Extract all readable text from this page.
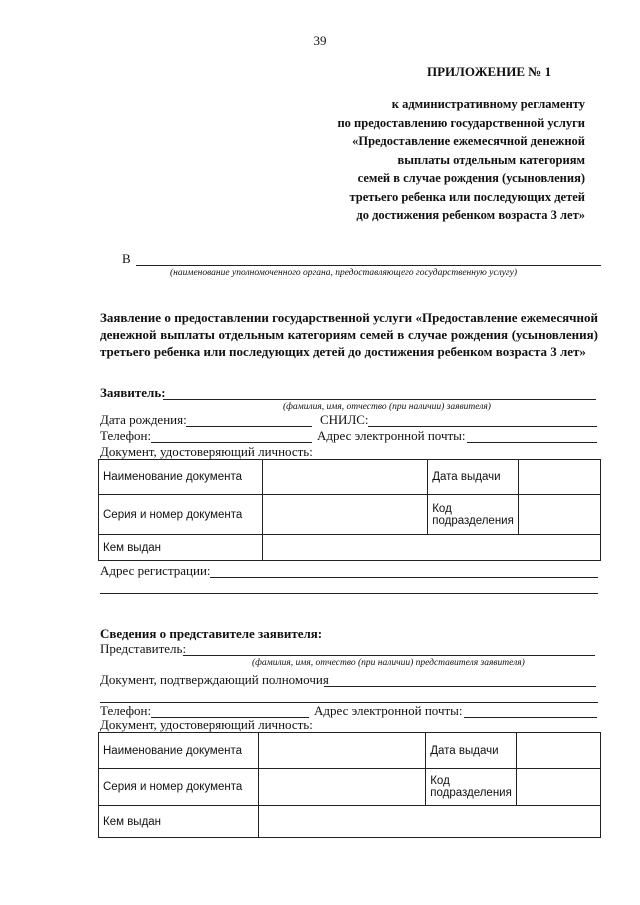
39
ПРИЛОЖЕНИЕ № 1
к административному регламенту
по предоставлению государственной услуги
«Предоставление ежемесячной денежной
выплаты отдельным категориям
семей в случае рождения (усыновления)
третьего ребенка или последующих детей
до достижения ребенком возраста 3 лет»
В
(наименование уполномоченного органа, предоставляющего государственную услугу)
Заявление о предоставлении государственной услуги «Предоставление ежемесячной денежной выплаты отдельным категориям семей в случае рождения (усыновления) третьего ребенка или последующих детей до достижения ребенком возраста 3 лет»
Заявитель:
(фамилия, имя, отчество (при наличии) заявителя)
Дата рождения:	СНИЛС:
Телефон:	Адрес электронной почты:
Документ, удостоверяющий личность:
Наименование документа		Дата выдачи	
Серия и номер документа		Код
подразделения	

Кем выдан			
Адрес регистрации:
Сведения о представителе заявителя:
Представитель:
(фамилия, имя, отчество (при наличии) представителя заявителя)
Документ, подтверждающий полномочия
Телефон:	Адрес электронной почты:
Документ, удостоверяющий личность:
Наименование документа		Дата выдачи	
Серия и номер документа		Код
подразделения	

Кем выдан			
